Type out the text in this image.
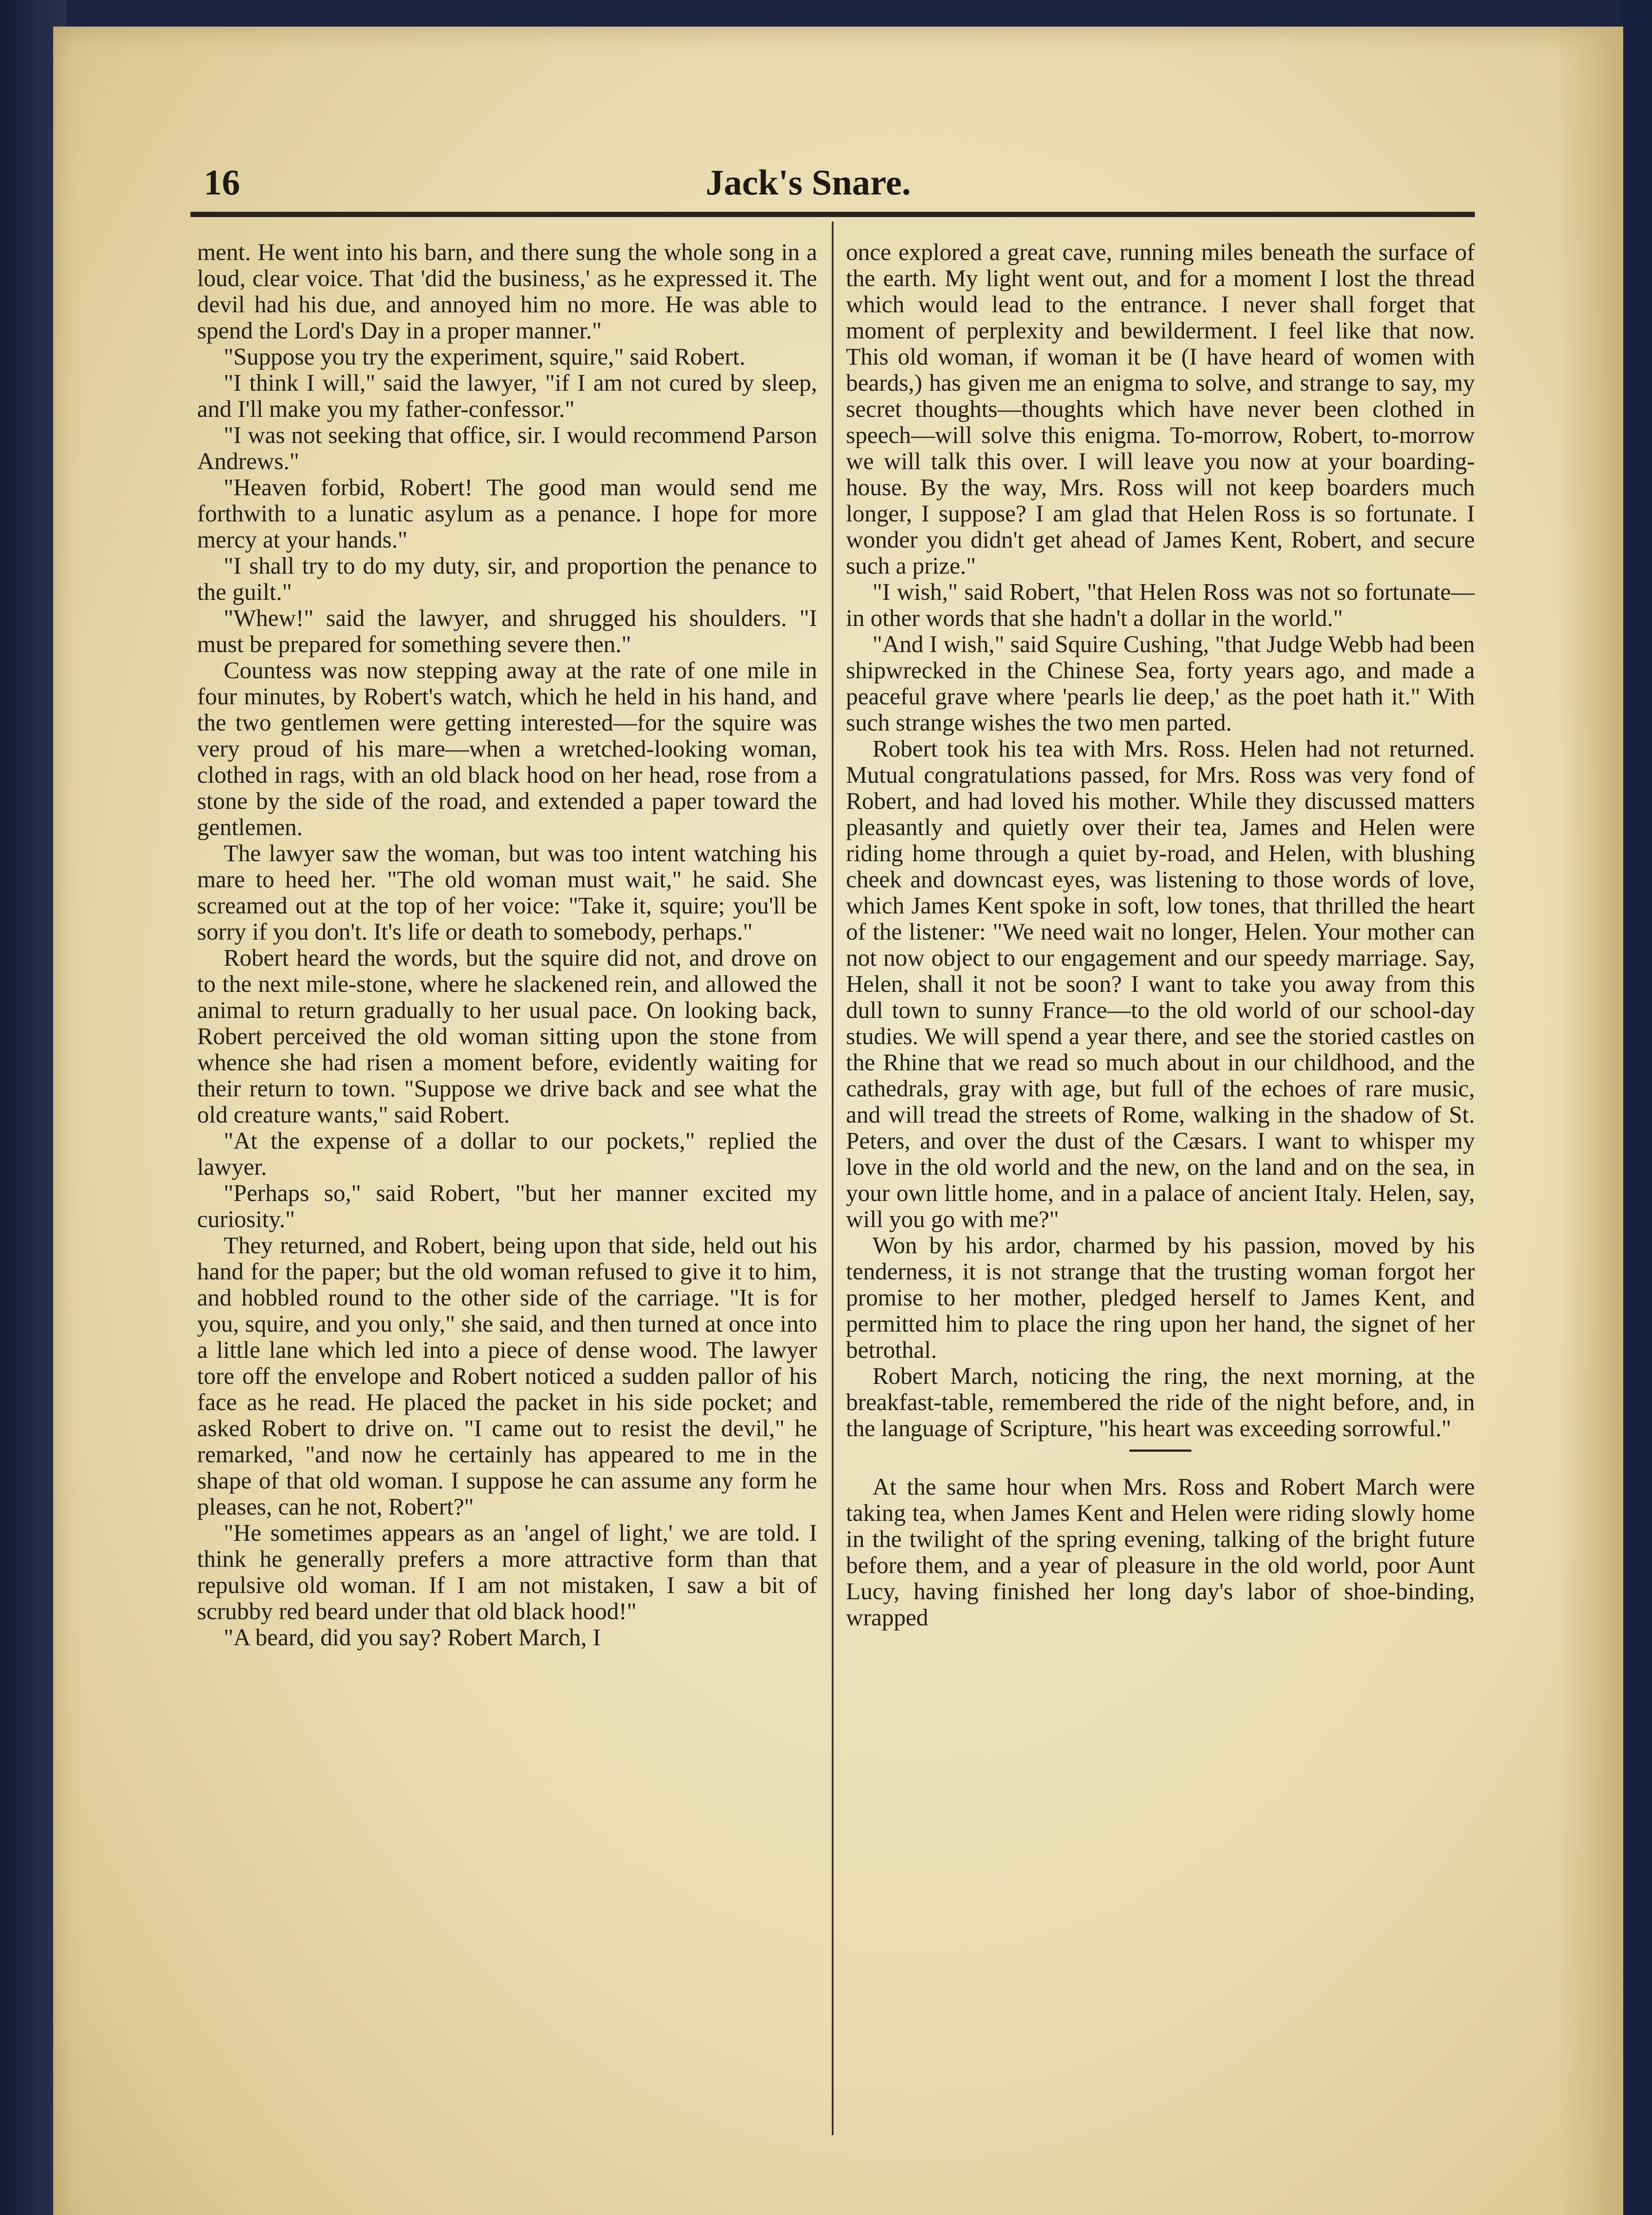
16	Jack's Snare.

ment. He went into his barn, and there sung the whole song in a loud, clear voice. That 'did the business,' as he expressed it. The devil had his due, and annoyed him no more. He was able to spend the Lord's Day in a proper manner."

"Suppose you try the experiment, squire," said Robert.

"I think I will," said the lawyer, "if I am not cured by sleep, and I'll make you my father-confessor."

"I was not seeking that office, sir. I would recommend Parson Andrews."

"Heaven forbid, Robert! The good man would send me forthwith to a lunatic asylum as a penance. I hope for more mercy at your hands."

"I shall try to do my duty, sir, and proportion the penance to the guilt."

"Whew!" said the lawyer, and shrugged his shoulders. "I must be prepared for something severe then."

Countess was now stepping away at the rate of one mile in four minutes, by Robert's watch, which he held in his hand, and the two gentlemen were getting interested—for the squire was very proud of his mare—when a wretched-looking woman, clothed in rags, with an old black hood on her head, rose from a stone by the side of the road, and extended a paper toward the gentlemen.

The lawyer saw the woman, but was too intent watching his mare to heed her. "The old woman must wait," he said. She screamed out at the top of her voice: "Take it, squire; you'll be sorry if you don't. It's life or death to somebody, perhaps."

Robert heard the words, but the squire did not, and drove on to the next mile-stone, where he slackened rein, and allowed the animal to return gradually to her usual pace. On looking back, Robert perceived the old woman sitting upon the stone from whence she had risen a moment before, evidently waiting for their return to town. "Suppose we drive back and see what the old creature wants," said Robert.

"At the expense of a dollar to our pockets," replied the lawyer.

"Perhaps so," said Robert, "but her manner excited my curiosity."

They returned, and Robert, being upon that side, held out his hand for the paper; but the old woman refused to give it to him, and hobbled round to the other side of the carriage. "It is for you, squire, and you only," she said, and then turned at once into a little lane which led into a piece of dense wood. The lawyer tore off the envelope and Robert noticed a sudden pallor of his face as he read. He placed the packet in his side pocket; and asked Robert to drive on. "I came out to resist the devil," he remarked, "and now he certainly has appeared to me in the shape of that old woman. I suppose he can assume any form he pleases, can he not, Robert?"

"He sometimes appears as an 'angel of light,' we are told. I think he generally prefers a more attractive form than that repulsive old woman. If I am not mistaken, I saw a bit of scrubby red beard under that old black hood!"

"A beard, did you say? Robert March, I

once explored a great cave, running miles beneath the surface of the earth. My light went out, and for a moment I lost the thread which would lead to the entrance. I never shall forget that moment of perplexity and bewilderment. I feel like that now. This old woman, if woman it be (I have heard of women with beards,) has given me an enigma to solve, and strange to say, my secret thoughts—thoughts which have never been clothed in speech—will solve this enigma. To-morrow, Robert, to-morrow we will talk this over. I will leave you now at your boarding-house. By the way, Mrs. Ross will not keep boarders much longer, I suppose? I am glad that Helen Ross is so fortunate. I wonder you didn't get ahead of James Kent, Robert, and secure such a prize."

"I wish," said Robert, "that Helen Ross was not so fortunate—in other words that she hadn't a dollar in the world."

"And I wish," said Squire Cushing, "that Judge Webb had been shipwrecked in the Chinese Sea, forty years ago, and made a peaceful grave where 'pearls lie deep,' as the poet hath it." With such strange wishes the two men parted.

Robert took his tea with Mrs. Ross. Helen had not returned. Mutual congratulations passed, for Mrs. Ross was very fond of Robert, and had loved his mother. While they discussed matters pleasantly and quietly over their tea, James and Helen were riding home through a quiet by-road, and Helen, with blushing cheek and downcast eyes, was listening to those words of love, which James Kent spoke in soft, low tones, that thrilled the heart of the listener: "We need wait no longer, Helen. Your mother can not now object to our engagement and our speedy marriage. Say, Helen, shall it not be soon? I want to take you away from this dull town to sunny France—to the old world of our school-day studies. We will spend a year there, and see the storied castles on the Rhine that we read so much about in our childhood, and the cathedrals, gray with age, but full of the echoes of rare music, and will tread the streets of Rome, walking in the shadow of St. Peters, and over the dust of the Cæsars. I want to whisper my love in the old world and the new, on the land and on the sea, in your own little home, and in a palace of ancient Italy. Helen, say, will you go with me?"

Won by his ardor, charmed by his passion, moved by his tenderness, it is not strange that the trusting woman forgot her promise to her mother, pledged herself to James Kent, and permitted him to place the ring upon her hand, the signet of her betrothal.

Robert March, noticing the ring, the next morning, at the breakfast-table, remembered the ride of the night before, and, in the language of Scripture, "his heart was exceeding sorrowful."

At the same hour when Mrs. Ross and Robert March were taking tea, when James Kent and Helen were riding slowly home in the twilight of the spring evening, talking of the bright future before them, and a year of pleasure in the old world, poor Aunt Lucy, having finished her long day's labor of shoe-binding, wrapped
